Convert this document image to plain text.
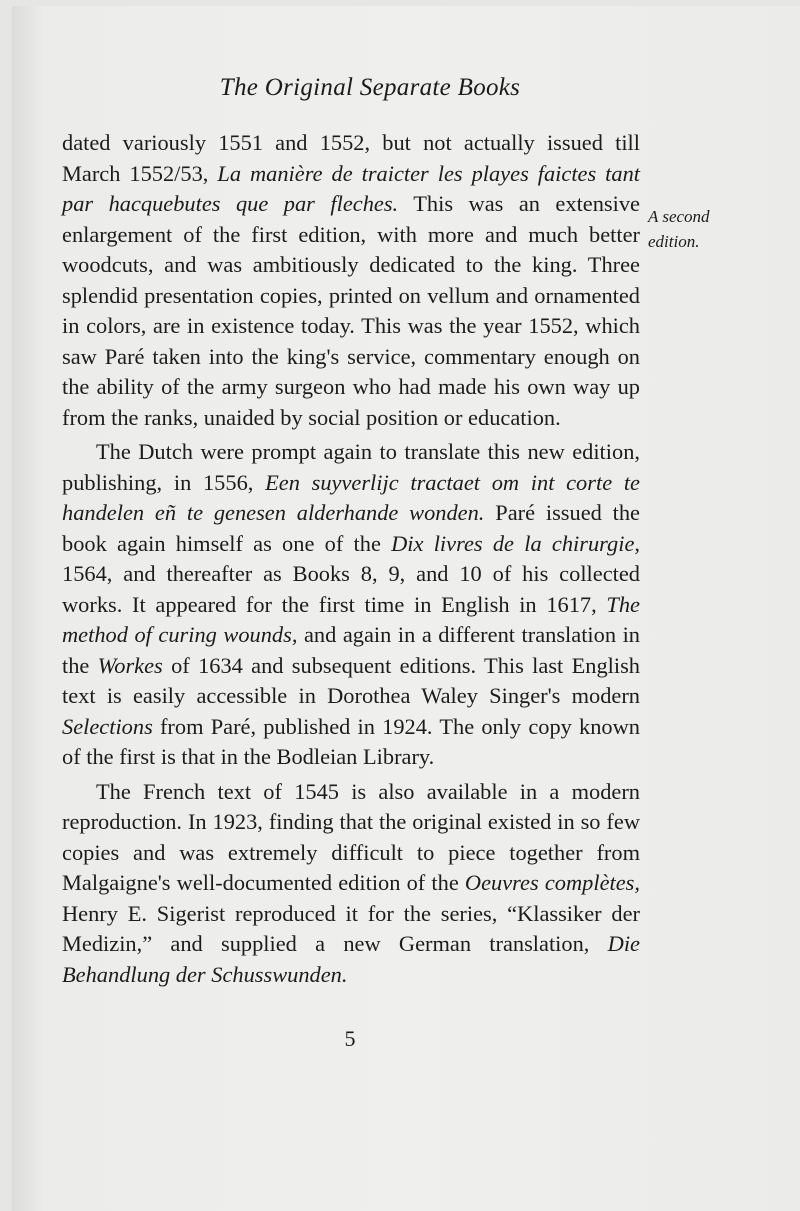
The Original Separate Books

dated variously 1551 and 1552, but not actually issued till March 1552/53, La manière de traicter les playes faictes tant par hacquebutes que par fleches. This was an extensive enlargement of the first edition, with more and much better woodcuts, and was ambitiously dedicated to the king. Three splendid presentation copies, printed on vellum and ornamented in colors, are in existence today. This was the year 1552, which saw Paré taken into the king's service, commentary enough on the ability of the army surgeon who had made his own way up from the ranks, unaided by social position or education.

The Dutch were prompt again to translate this new edition, publishing, in 1556, Een suyverlijc tractaet om int corte te handelen eñ te genesen alderhande wonden. Paré issued the book again himself as one of the Dix livres de la chirurgie, 1564, and thereafter as Books 8, 9, and 10 of his collected works. It appeared for the first time in English in 1617, The method of curing wounds, and again in a different translation in the Workes of 1634 and subsequent editions. This last English text is easily accessible in Dorothea Waley Singer's modern Selections from Paré, published in 1924. The only copy known of the first is that in the Bodleian Library.

The French text of 1545 is also available in a modern reproduction. In 1923, finding that the original existed in so few copies and was extremely difficult to piece together from Malgaigne's well-documented edition of the Oeuvres complètes, Henry E. Sigerist reproduced it for the series, “Klassiker der Medizin,” and supplied a new German translation, Die Behandlung der Schusswunden.

A second
edition.
5
